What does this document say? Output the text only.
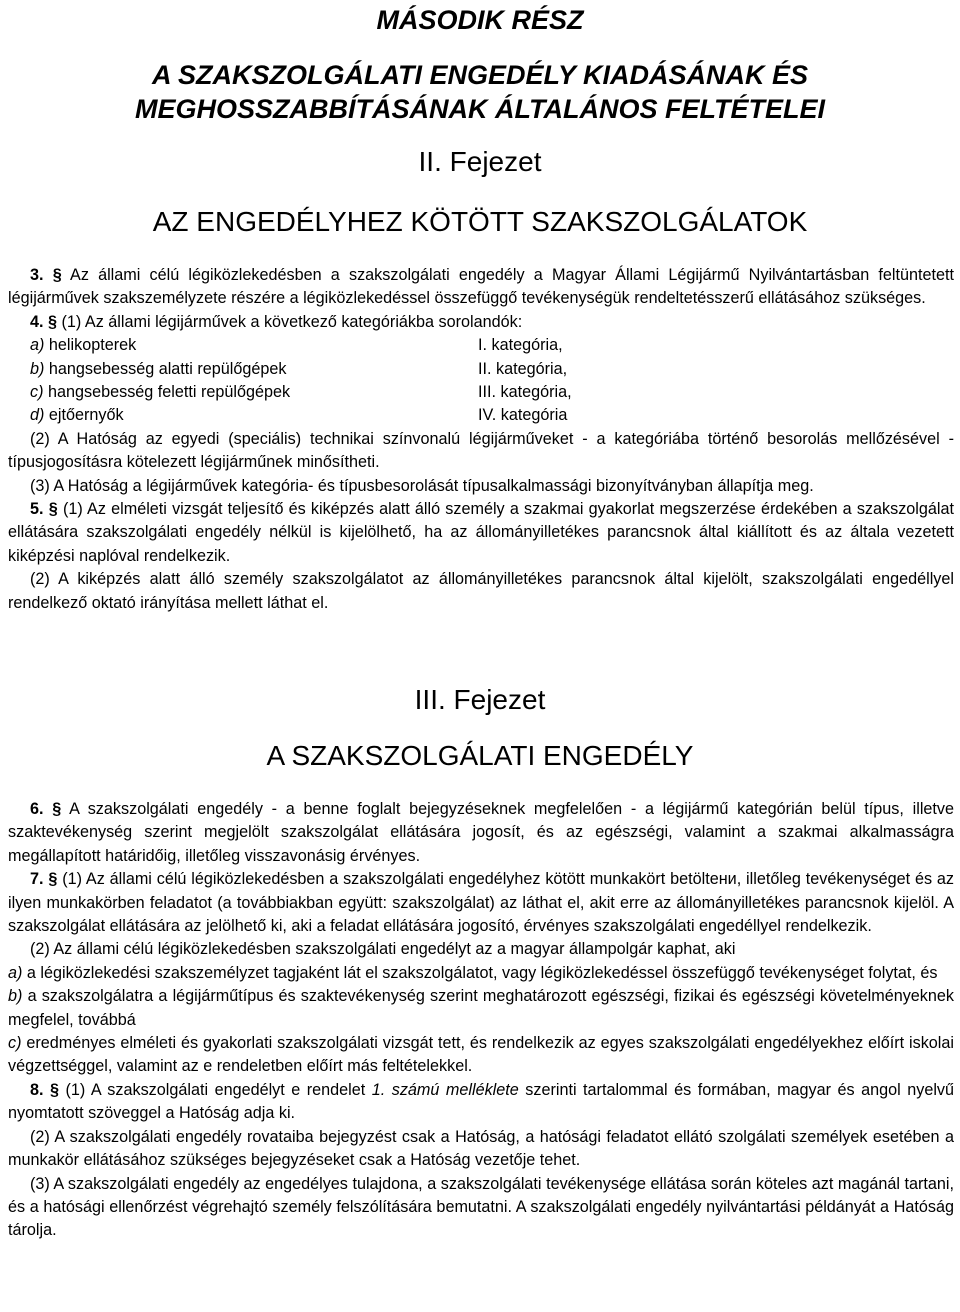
MÁSODIK RÉSZ
A SZAKSZOLGÁLATI ENGEDÉLY KIADÁSÁNAK ÉS
MEGHOSSZABBÍTÁSÁNAK ÁLTALÁNOS FELTÉTELEI
II. Fejezet
AZ ENGEDÉLYHEZ KÖTÖTT SZAKSZOLGÁLATOK

3. § Az állami célú légiközlekedésben a szakszolgálati engedély a Magyar Állami Légijármű Nyilvántartásban feltüntetett légijárművek szakszemélyzete részére a légiközlekedéssel összefüggő tevékenységük rendeltetésszerű ellátásához szükséges.

4. § (1) Az állami légijárművek a következő kategóriákba sorolandók:

a) helikopterek	I. kategória,
b) hangsebesség alatti repülőgépek	II. kategória,
c) hangsebesség feletti repülőgépek	III. kategória,
d) ejtőernyők	IV. kategória

(2) A Hatóság az egyedi (speciális) technikai színvonalú légijárműveket - a kategóriába történő besorolás mellőzésével - típusjogosításra kötelezett légijárműnek minősítheti.

(3) A Hatóság a légijárművek kategória- és típusbesorolását típusalkalmassági bizonyítványban állapítja meg.

5. § (1) Az elméleti vizsgát teljesítő és kiképzés alatt álló személy a szakmai gyakorlat megszerzése érdekében a szakszolgálat ellátására szakszolgálati engedély nélkül is kijelölhető, ha az állományilletékes parancsnok által kiállított és az általa vezetett kiképzési naplóval rendelkezik.

(2) A kiképzés alatt álló személy szakszolgálatot az állományilletékes parancsnok által kijelölt, szakszolgálati engedéllyel rendelkező oktató irányítása mellett láthat el.

III. Fejezet
A SZAKSZOLGÁLATI ENGEDÉLY

6. § A szakszolgálati engedély - a benne foglalt bejegyzéseknek megfelelően - a légijármű kategórián belül típus, illetve szaktevékenység szerint megjelölt szakszolgálat ellátására jogosít, és az egészségi, valamint a szakmai alkalmasságra megállapított határidőig, illetőleg visszavonásig érvényes.

7. § (1) Az állami célú légiközlekedésben a szakszolgálati engedélyhez kötött munkakört betöltени, illetőleg tevékenységet és az ilyen munkakörben feladatot (a továbbiakban együtt: szakszolgálat) az láthat el, akit erre az állományilletékes parancsnok kijelöl. A szakszolgálat ellátására az jelölhető ki, aki a feladat ellátására jogosító, érvényes szakszolgálati engedéllyel rendelkezik.

(2) Az állami célú légiközlekedésben szakszolgálati engedélyt az a magyar állampolgár kaphat, aki

a) a légiközlekedési szakszemélyzet tagjaként lát el szakszolgálatot, vagy légiközlekedéssel összefüggő tevékenységet folytat, és

b) a szakszolgálatra a légijárműtípus és szaktevékenység szerint meghatározott egészségi, fizikai és egészségi követelményeknek megfelel, továbbá

c) eredményes elméleti és gyakorlati szakszolgálati vizsgát tett, és rendelkezik az egyes szakszolgálati engedélyekhez előírt iskolai végzettséggel, valamint az e rendeletben előírt más feltételekkel.

8. § (1) A szakszolgálati engedélyt e rendelet 1. számú melléklete szerinti tartalommal és formában, magyar és angol nyelvű nyomtatott szöveggel a Hatóság adja ki.

(2) A szakszolgálati engedély rovataiba bejegyzést csak a Hatóság, a hatósági feladatot ellátó szolgálati személyek esetében a munkakör ellátásához szükséges bejegyzéseket csak a Hatóság vezetője tehet.

(3) A szakszolgálati engedély az engedélyes tulajdona, a szakszolgálati tevékenysége ellátása során köteles azt magánál tartani, és a hatósági ellenőrzést végrehajtó személy felszólítására bemutatni. A szakszolgálati engedély nyilvántartási példányát a Hatóság tárolja.
